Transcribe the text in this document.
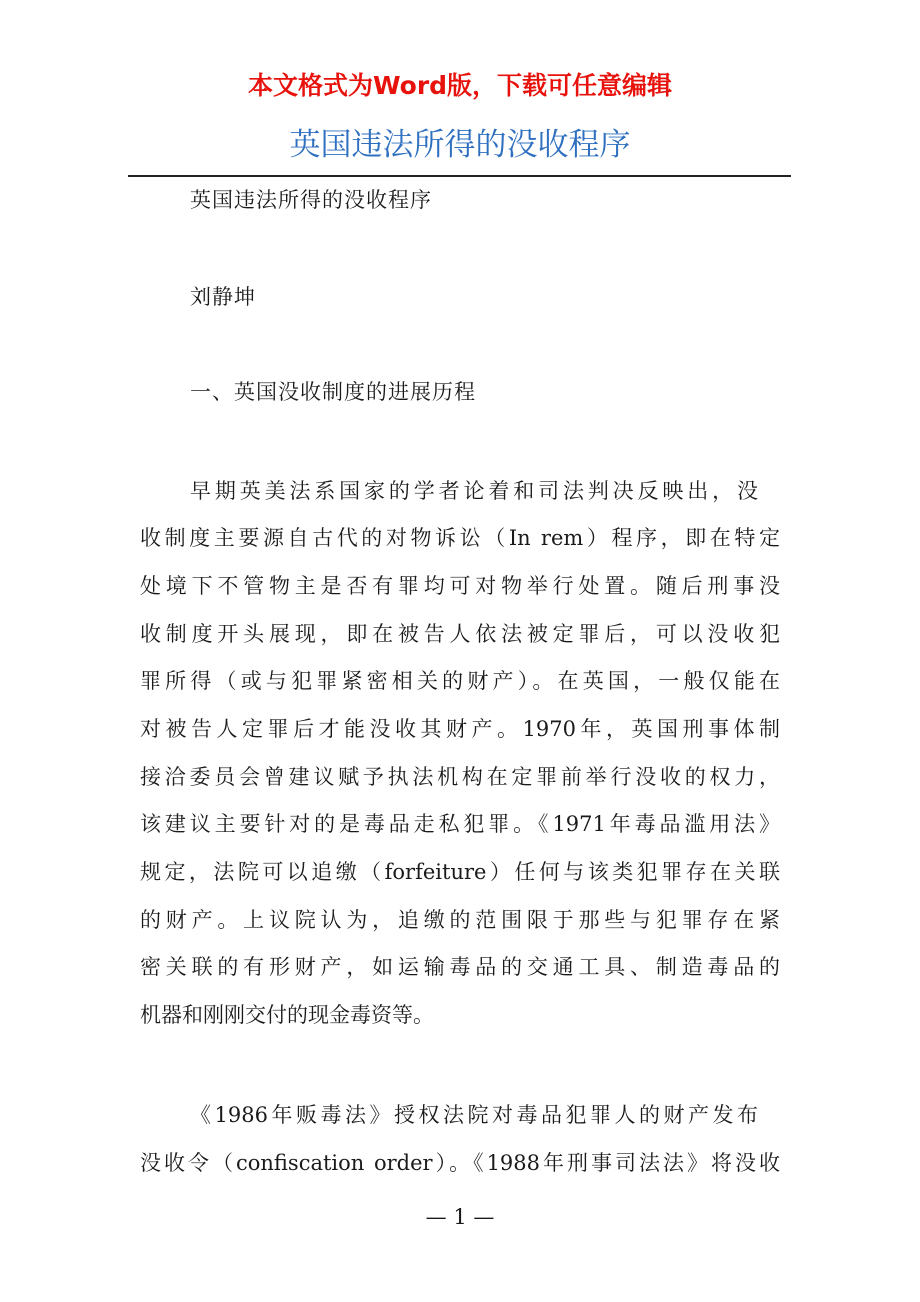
本文格式为Word版，下载可任意编辑
英国违法所得的没收程序
英国违法所得的没收程序
刘静坤
一、英国没收制度的进展历程
早期英美法系国家的学者论着和司法判决反映出，没
收制度主要源自古代的对物诉讼（In rem）程序，即在特定
处境下不管物主是否有罪均可对物举行处置。随后刑事没
收制度开头展现，即在被告人依法被定罪后，可以没收犯
罪所得（或与犯罪紧密相关的财产）。在英国，一般仅能在
对被告人定罪后才能没收其财产。1970年，英国刑事体制
接洽委员会曾建议赋予执法机构在定罪前举行没收的权力，
该建议主要针对的是毒品走私犯罪。《1971年毒品滥用法》
规定，法院可以追缴（forfeiture）任何与该类犯罪存在关联
的财产。上议院认为，追缴的范围限于那些与犯罪存在紧
密关联的有形财产，如运输毒品的交通工具、制造毒品的
机器和刚刚交付的现金毒资等。
《1986年贩毒法》授权法院对毒品犯罪人的财产发布
没收令（confiscation order）。《1988年刑事司法法》将没收
— 1 —
